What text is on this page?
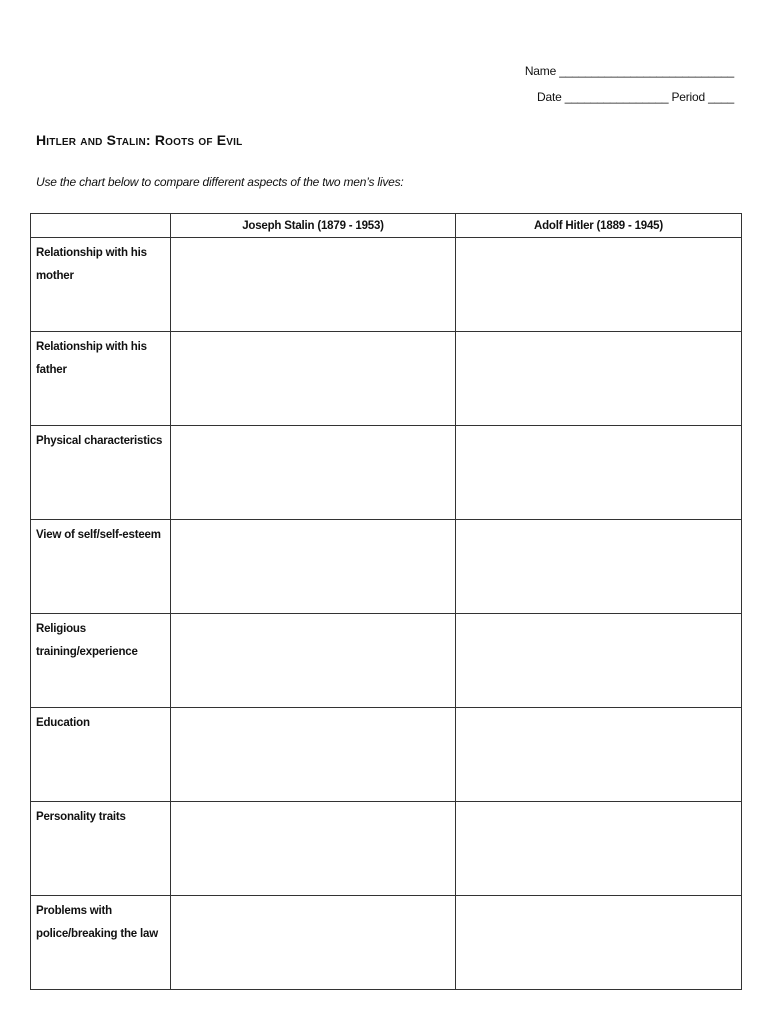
Name ___________________________
Date ________________ Period ____
Hitler and Stalin: Roots of Evil

Use the chart below to compare different aspects of the two men’s lives:

	Joseph Stalin (1879 - 1953)	Adolf Hitler (1889 - 1945)
Relationship with his mother		
Relationship with his father		
Physical characteristics		
View of self/self-esteem		
Religious training/experience		
Education		
Personality traits		
Problems with police/breaking the law		
